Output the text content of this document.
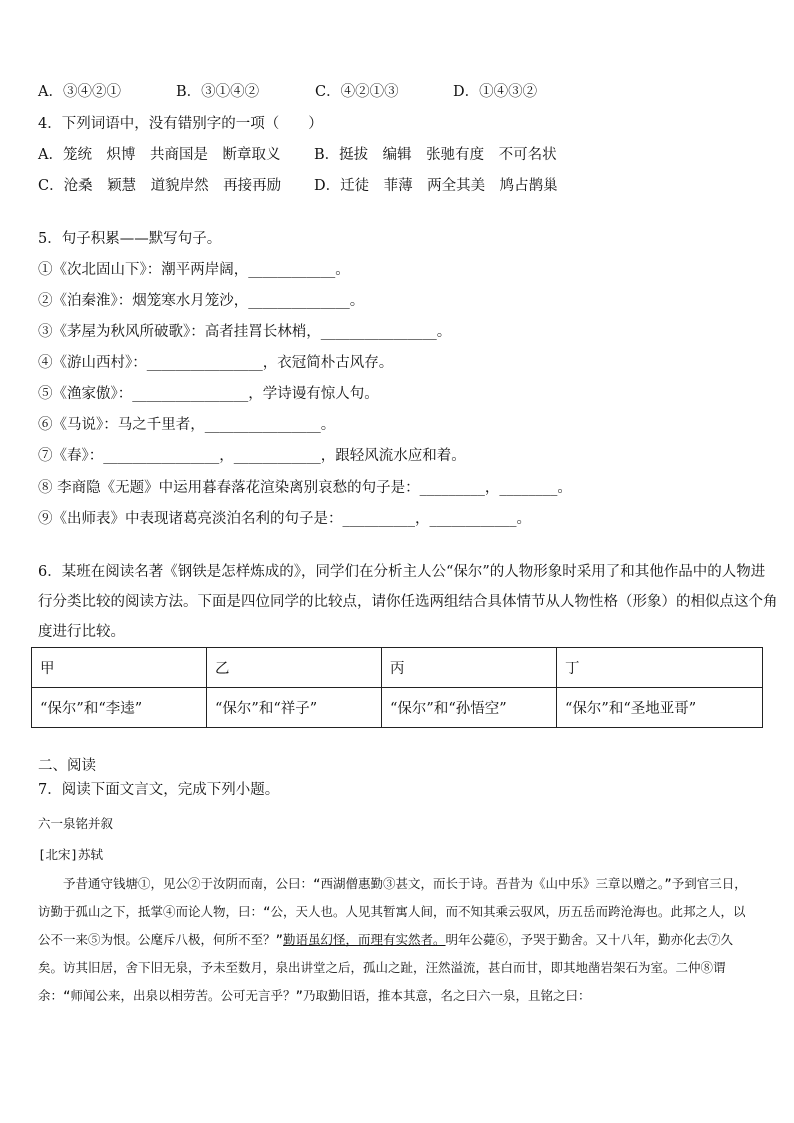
A．③④②①	B．③①④②	C．④②①③	D．①④③②
4．下列词语中，没有错别字的一项（　　）
A．笼统　炽博　共商国是　断章取义 B．挺拔　编辑　张驰有度　不可名状
C．沧桑　颖慧　道貌岸然　再接再励 D．迁徒　菲薄　两全其美　鸠占鹊巢
5．句子积累——默写句子。
①《次北固山下》：潮平两岸阔，____________。
②《泊秦淮》：烟笼寒水月笼沙，______________。
③《茅屋为秋风所破歌》：高者挂罥长林梢，________________。
④《游山西村》：________________，衣冠简朴古风存。
⑤《渔家傲》：________________，学诗谩有惊人句。
⑥《马说》：马之千里者，________________。
⑦《春》：________________，____________，跟轻风流水应和着。
⑧ 李商隐《无题》中运用暮春落花渲染离别哀愁的句子是：_________，________。
⑨《出师表》中表现诸葛亮淡泊名利的句子是：__________，____________。
6．某班在阅读名著《钢铁是怎样炼成的》，同学们在分析主人公“保尔”的人物形象时采用了和其他作品中的人物进
行分类比较的阅读方法。下面是四位同学的比较点，请你任选两组结合具体情节从人物性格（形象）的相似点这个角
度进行比较。
甲	乙	丙	丁
“保尔”和“李逵”	“保尔”和“祥子”	“保尔”和“孙悟空”	“保尔”和“圣地亚哥”
二、阅读
7．阅读下面文言文，完成下列小题。
六一泉铭并叙
[北宋]苏轼
　　予昔通守钱塘①，见公②于汝阴而南，公曰：“西湖僧惠勤③甚文，而长于诗。吾昔为《山中乐》三章以赠之。”予到官三日，访勤于孤山之下，抵掌④而论人物，曰：“公，天人也。人见其暂寓人间，而不知其乘云驭风，历五岳而跨沧海也。此邦之人，以公不一来⑤为恨。公麾斥八极，何所不至？”勤语虽幻怪，而理有实然者。明年公薨⑥，予哭于勤舍。又十八年，勤亦化去⑦久矣。访其旧居，舍下旧无泉，予未至数月，泉出讲堂之后，孤山之趾，汪然溢流，甚白而甘，即其地凿岩架石为室。二仲⑧谓余：“师闻公来，出泉以相劳苦。公可无言乎？”乃取勤旧语，推本其意，名之曰六一泉，且铭之曰：
